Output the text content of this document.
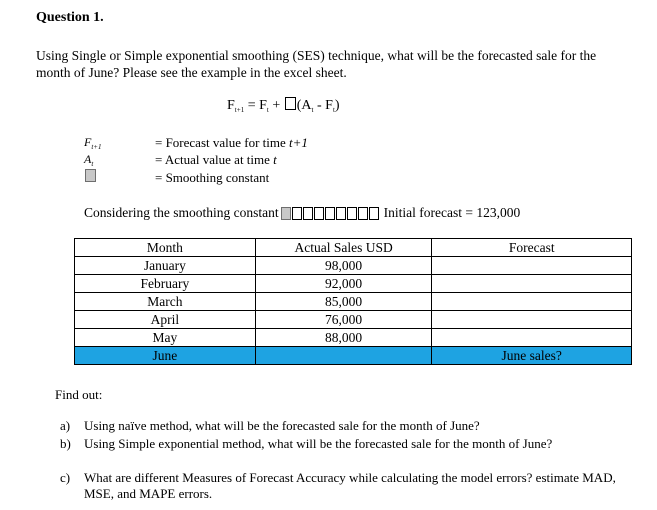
Question 1.
Using Single or Simple exponential smoothing (SES) technique, what will be the forecasted sale for the month of June? Please see the example in the excel sheet.
$F_{t+1} = F_t + (A_t - F_t)$
$F_{t+1}$	= Forecast value for time t+1
$A_t$	= Actual value at time t
= Smoothing constant
Considering the smoothing constant	Initial forecast = 123,000
Month	Actual Sales USD	Forecast
January	98,000	
February	92,000	
March	85,000	
April	76,000	
May	88,000	
June		June sales?
Find out:
a) Using naïve method, what will be the forecasted sale for the month of June?
b) Using Simple exponential method, what will be the forecasted sale for the month of June?
c) What are different Measures of Forecast Accuracy while calculating the model errors? estimate MAD, MSE, and MAPE errors.
